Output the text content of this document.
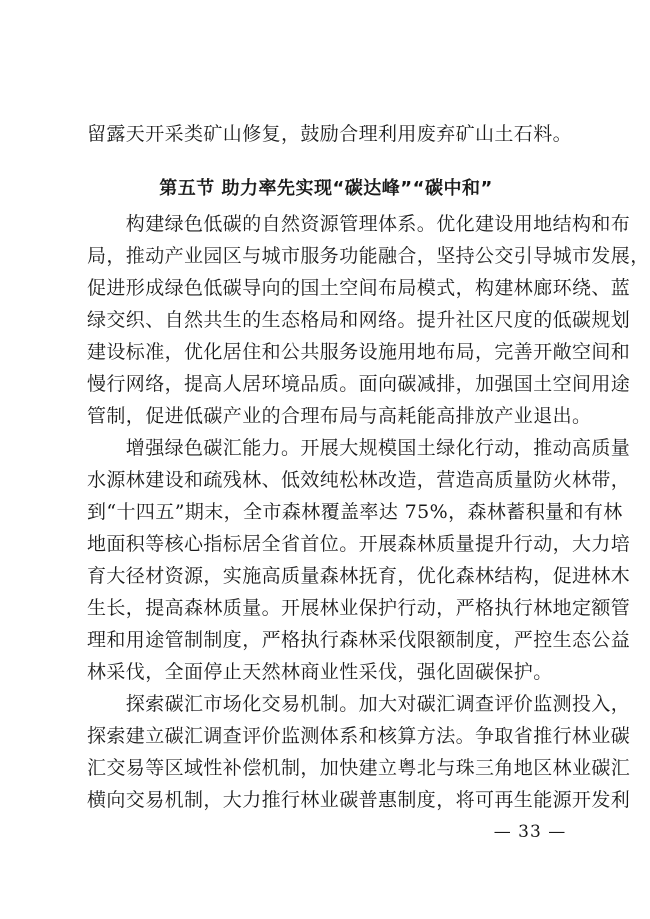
留露天开采类矿山修复，鼓励合理利用废弃矿山土石料。
第五节 助力率先实现“碳达峰”“碳中和”
　　构建绿色低碳的自然资源管理体系。优化建设用地结构和布
局，推动产业园区与城市服务功能融合，坚持公交引导城市发展，
促进形成绿色低碳导向的国土空间布局模式，构建林廊环绕、蓝
绿交织、自然共生的生态格局和网络。提升社区尺度的低碳规划
建设标准，优化居住和公共服务设施用地布局，完善开敞空间和
慢行网络，提高人居环境品质。面向碳减排，加强国土空间用途
管制，促进低碳产业的合理布局与高耗能高排放产业退出。
　　增强绿色碳汇能力。开展大规模国土绿化行动，推动高质量
水源林建设和疏残林、低效纯松林改造，营造高质量防火林带，
到“十四五”期末，全市森林覆盖率达 75%，森林蓄积量和有林
地面积等核心指标居全省首位。开展森林质量提升行动，大力培
育大径材资源，实施高质量森林抚育，优化森林结构，促进林木
生长，提高森林质量。开展林业保护行动，严格执行林地定额管
理和用途管制制度，严格执行森林采伐限额制度，严控生态公益
林采伐，全面停止天然林商业性采伐，强化固碳保护。
　　探索碳汇市场化交易机制。加大对碳汇调查评价监测投入，
探索建立碳汇调查评价监测体系和核算方法。争取省推行林业碳
汇交易等区域性补偿机制，加快建立粤北与珠三角地区林业碳汇
横向交易机制，大力推行林业碳普惠制度，将可再生能源开发利
— 33 —
